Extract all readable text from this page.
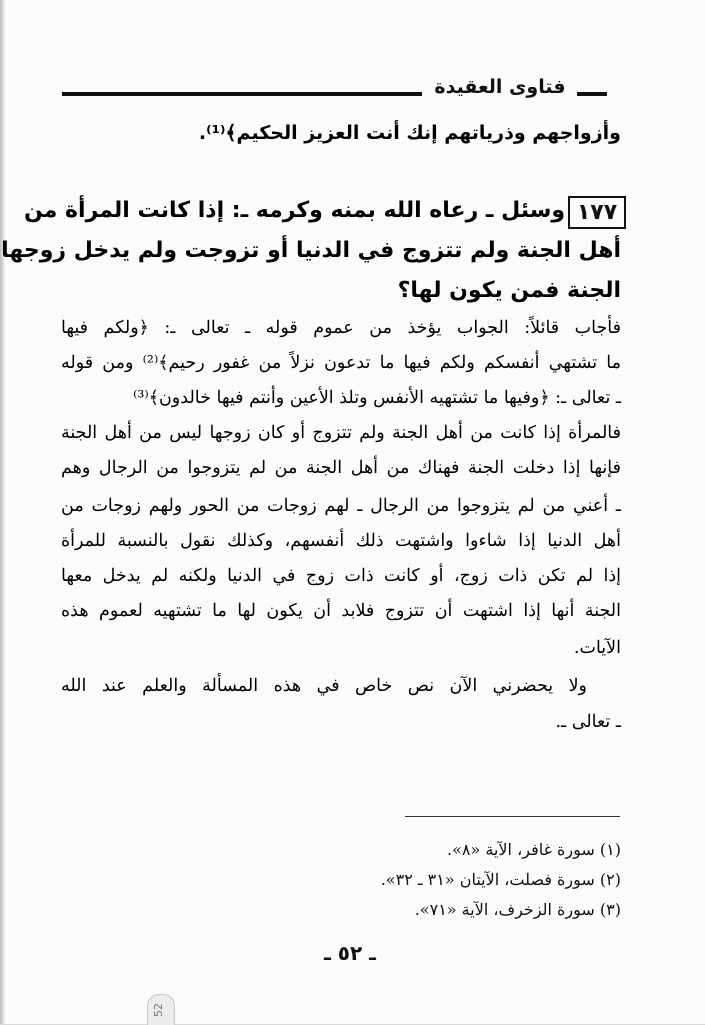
فتاوى العقيدة
وأزواجهم وذرياتهم إنك أنت العزيز الحكيم﴾⁽¹⁾.
١٧٧
وسئل ـ رعاه الله بمنه وكرمه ـ: إذا كانت المرأة من
أهل الجنة ولم تتزوج في الدنيا أو تزوجت ولم يدخل زوجها
الجنة فمن يكون لها؟
فأجاب قائلاً: الجواب يؤخذ من عموم قوله ـ تعالى ـ: ﴿ولكم فيها
ما تشتهي أنفسكم ولكم فيها ما تدعون نزلاً من غفور رحيم﴾⁽²⁾ ومن قوله
ـ تعالى ـ: ﴿وفيها ما تشتهيه الأنفس وتلذ الأعين وأنتم فيها خالدون﴾⁽³⁾
فالمرأة إذا كانت من أهل الجنة ولم تتزوج أو كان زوجها ليس من أهل الجنة
فإنها إذا دخلت الجنة فهناك من أهل الجنة من لم يتزوجوا من الرجال وهم
ـ أعني من لم يتزوجوا من الرجال ـ لهم زوجات من الحور ولهم زوجات من
أهل الدنيا إذا شاءوا واشتهت ذلك أنفسهم، وكذلك نقول بالنسبة للمرأة
إذا لم تكن ذات زوج، أو كانت ذات زوج في الدنيا ولكنه لم يدخل معها
الجنة أنها إذا اشتهت أن تتزوج فلابد أن يكون لها ما تشتهيه لعموم هذه
الآيات.
ولا يحضرني الآن نص خاص في هذه المسألة والعلم عند الله
ـ تعالى ـ.
(١) سورة غافر، الآية «٨».
(٢) سورة فصلت، الآيتان «٣١ ـ ٣٢».
(٣) سورة الزخرف، الآية «٧١».
ـ ٥٢ ـ
52
